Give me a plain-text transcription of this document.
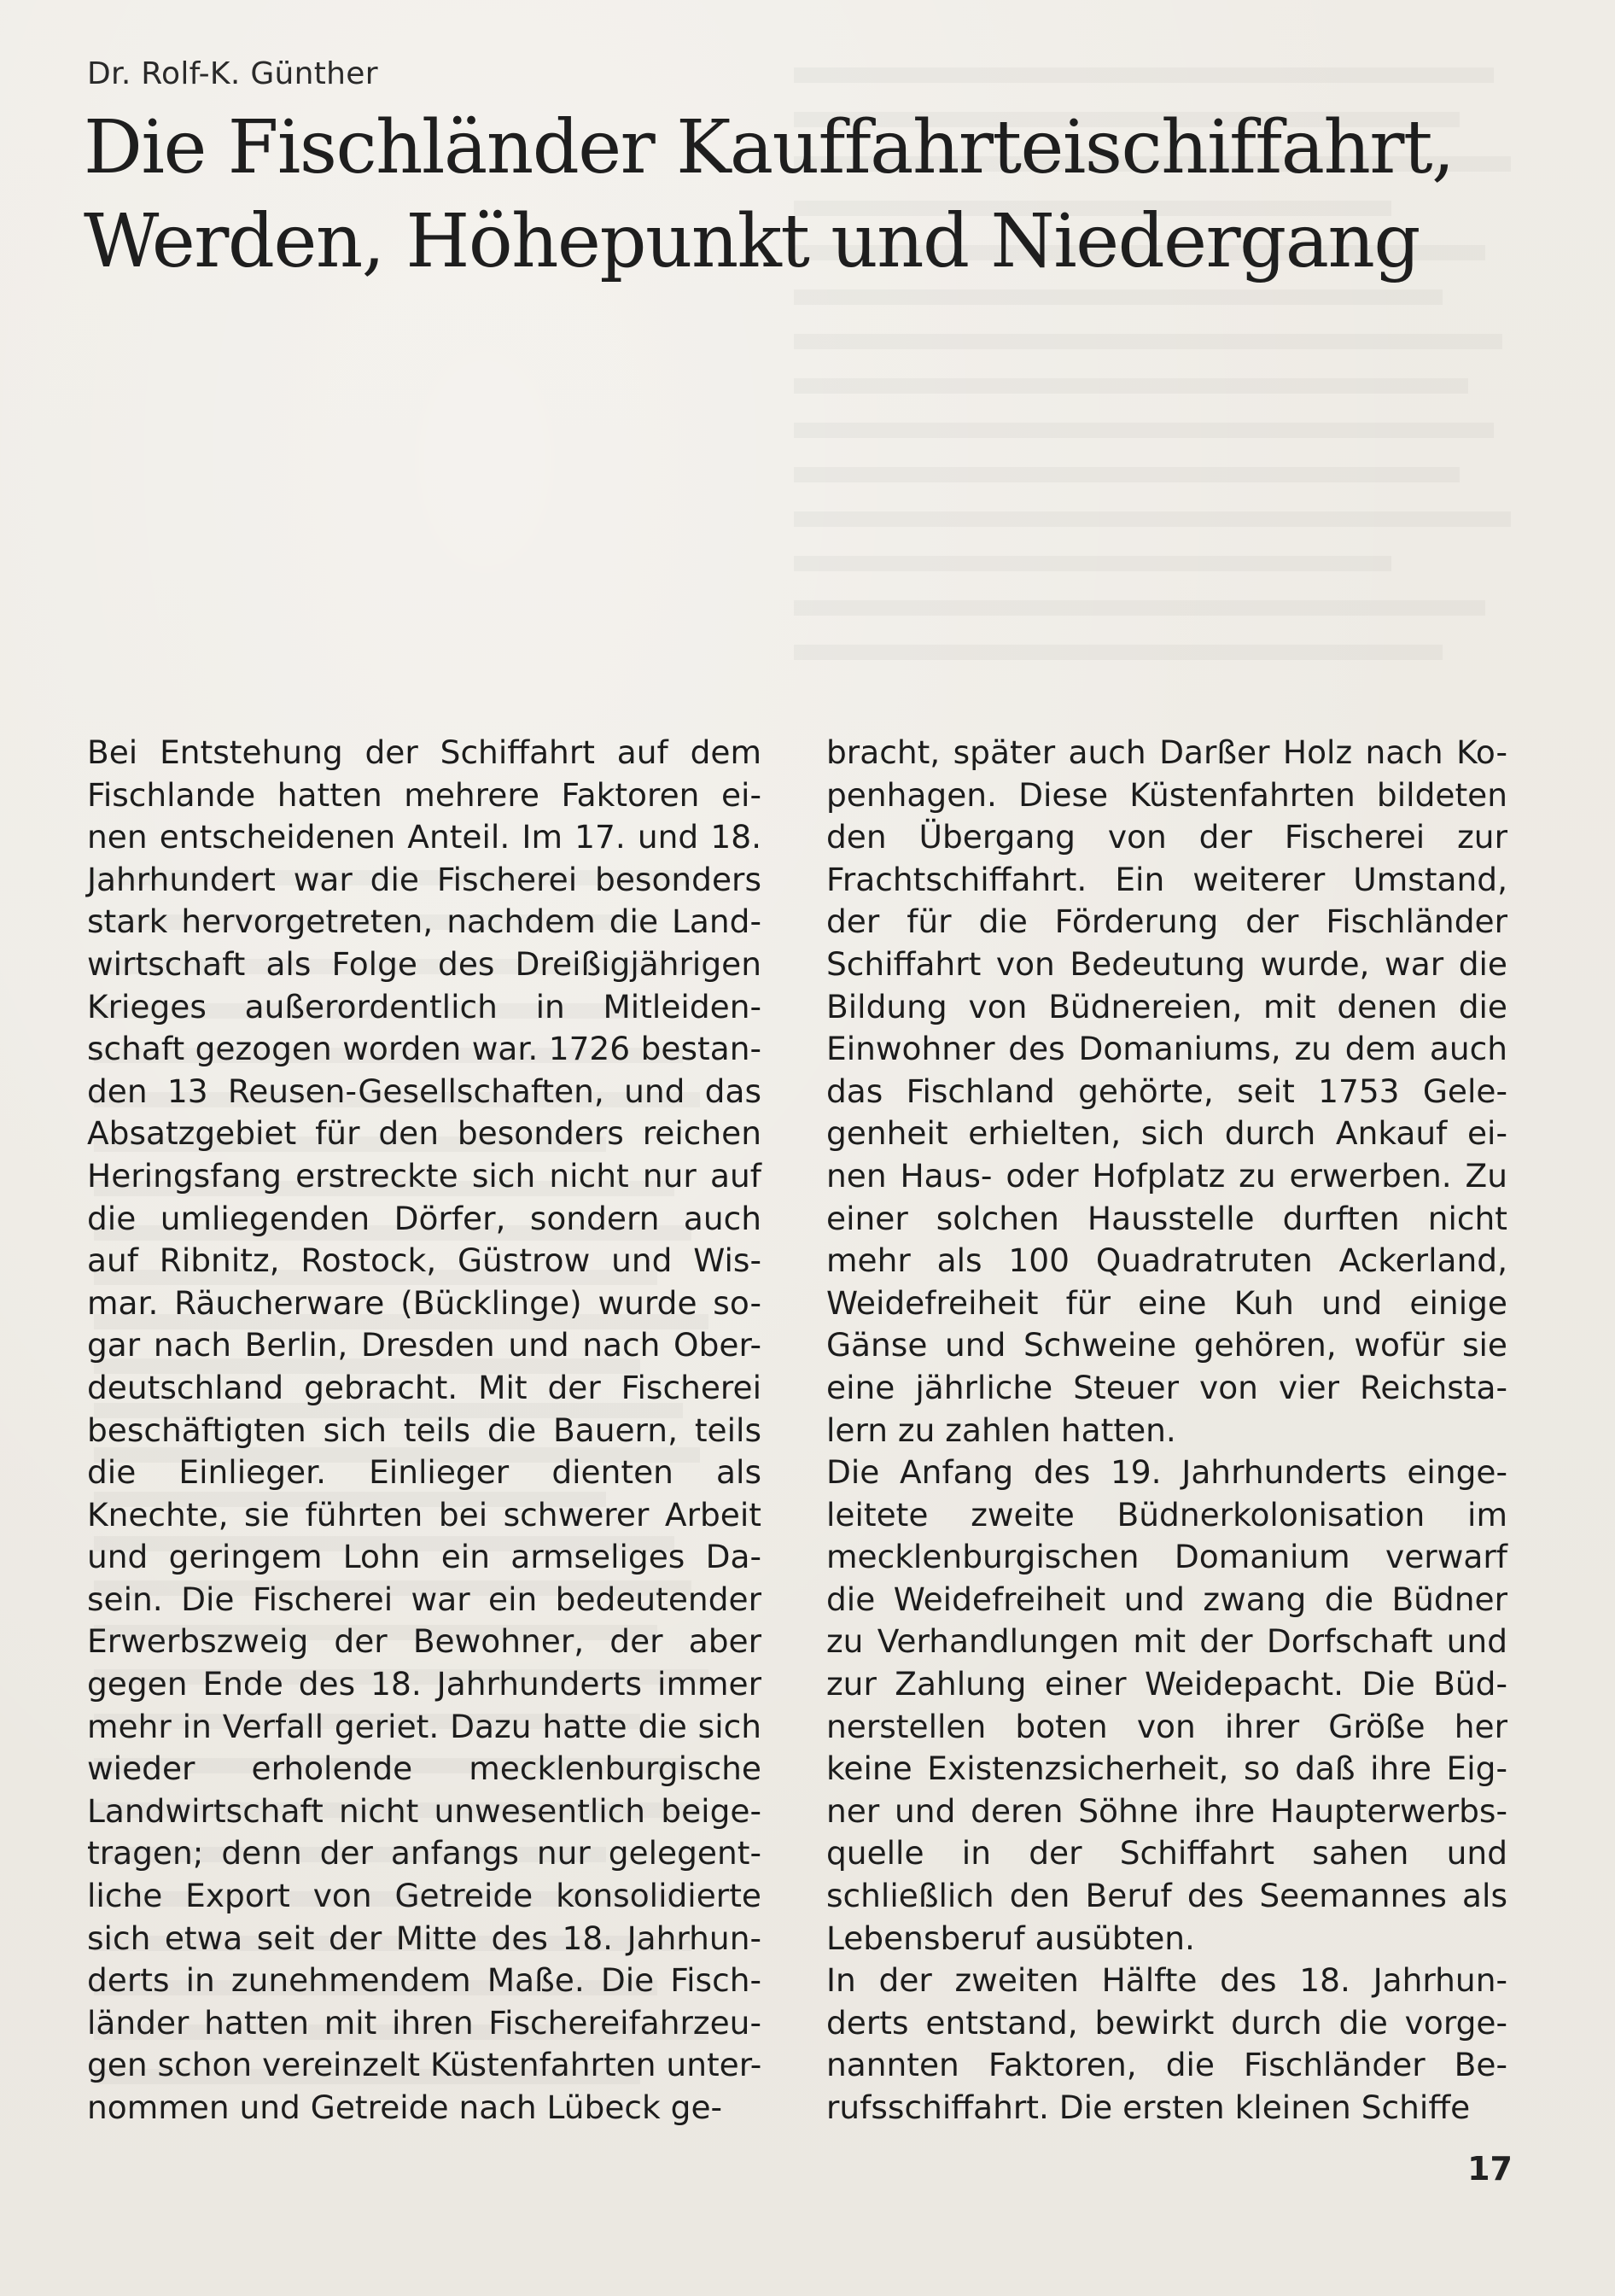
Dr. Rolf-K. Günther
Die Fischländer Kauffahrteischiffahrt,
Werden, Höhepunkt und Niedergang
Bei Entstehung der Schiffahrt auf dem
Fischlande hatten mehrere Faktoren ei-
nen entscheidenen Anteil. Im 17. und 18.
Jahrhundert war die Fischerei besonders
stark hervorgetreten, nachdem die Land-
wirtschaft als Folge des Dreißigjährigen
Krieges außerordentlich in Mitleiden-
schaft gezogen worden war. 1726 bestan-
den 13 Reusen-Gesellschaften, und das
Absatzgebiet für den besonders reichen
Heringsfang erstreckte sich nicht nur auf
die umliegenden Dörfer, sondern auch
auf Ribnitz, Rostock, Güstrow und Wis-
mar. Räucherware (Bücklinge) wurde so-
gar nach Berlin, Dresden und nach Ober-
deutschland gebracht. Mit der Fischerei
beschäftigten sich teils die Bauern, teils
die Einlieger. Einlieger dienten als
Knechte, sie führten bei schwerer Arbeit
und geringem Lohn ein armseliges Da-
sein. Die Fischerei war ein bedeutender
Erwerbszweig der Bewohner, der aber
gegen Ende des 18. Jahrhunderts immer
mehr in Verfall geriet. Dazu hatte die sich
wieder erholende mecklenburgische
Landwirtschaft nicht unwesentlich beige-
tragen; denn der anfangs nur gelegent-
liche Export von Getreide konsolidierte
sich etwa seit der Mitte des 18. Jahrhun-
derts in zunehmendem Maße. Die Fisch-
länder hatten mit ihren Fischereifahrzeu-
gen schon vereinzelt Küstenfahrten unter-
nommen und Getreide nach Lübeck ge-
bracht, später auch Darßer Holz nach Ko-
penhagen. Diese Küstenfahrten bildeten
den Übergang von der Fischerei zur
Frachtschiffahrt. Ein weiterer Umstand,
der für die Förderung der Fischländer
Schiffahrt von Bedeutung wurde, war die
Bildung von Büdnereien, mit denen die
Einwohner des Domaniums, zu dem auch
das Fischland gehörte, seit 1753 Gele-
genheit erhielten, sich durch Ankauf ei-
nen Haus- oder Hofplatz zu erwerben. Zu
einer solchen Hausstelle durften nicht
mehr als 100 Quadratruten Ackerland,
Weidefreiheit für eine Kuh und einige
Gänse und Schweine gehören, wofür sie
eine jährliche Steuer von vier Reichsta-
lern zu zahlen hatten.
Die Anfang des 19. Jahrhunderts einge-
leitete zweite Büdnerkolonisation im
mecklenburgischen Domanium verwarf
die Weidefreiheit und zwang die Büdner
zu Verhandlungen mit der Dorfschaft und
zur Zahlung einer Weidepacht. Die Büd-
nerstellen boten von ihrer Größe her
keine Existenzsicherheit, so daß ihre Eig-
ner und deren Söhne ihre Haupterwerbs-
quelle in der Schiffahrt sahen und
schließlich den Beruf des Seemannes als
Lebensberuf ausübten.
In der zweiten Hälfte des 18. Jahrhun-
derts entstand, bewirkt durch die vorge-
nannten Faktoren, die Fischländer Be-
rufsschiffahrt. Die ersten kleinen Schiffe
17
